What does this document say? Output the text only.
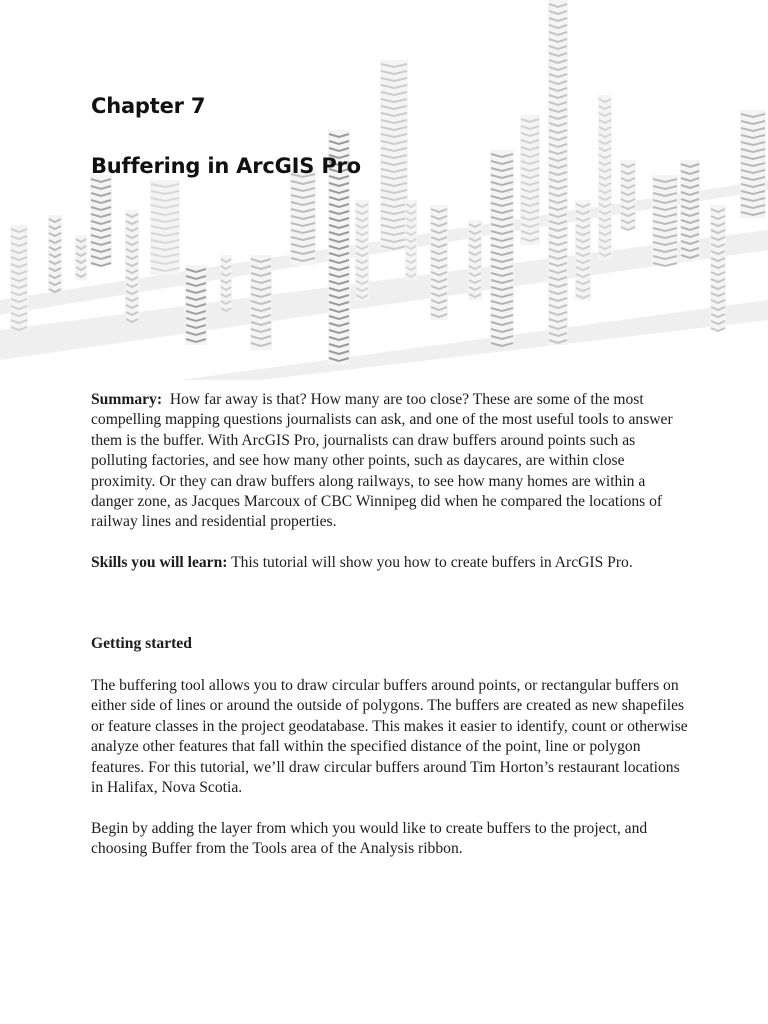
Chapter 7
Buffering in ArcGIS Pro

Summary: How far away is that? How many are too close? These are some of the most compelling mapping questions journalists can ask, and one of the most useful tools to answer them is the buffer. With ArcGIS Pro, journalists can draw buffers around points such as polluting factories, and see how many other points, such as daycares, are within close proximity. Or they can draw buffers along railways, to see how many homes are within a danger zone, as Jacques Marcoux of CBC Winnipeg did when he compared the locations of railway lines and residential properties.

Skills you will learn: This tutorial will show you how to create buffers in ArcGIS Pro.

Getting started

The buffering tool allows you to draw circular buffers around points, or rectangular buffers on either side of lines or around the outside of polygons. The buffers are created as new shapefiles or feature classes in the project geodatabase. This makes it easier to identify, count or otherwise analyze other features that fall within the specified distance of the point, line or polygon features. For this tutorial, we’ll draw circular buffers around Tim Horton’s restaurant locations in Halifax, Nova Scotia.

Begin by adding the layer from which you would like to create buffers to the project, and choosing Buffer from the Tools area of the Analysis ribbon.
